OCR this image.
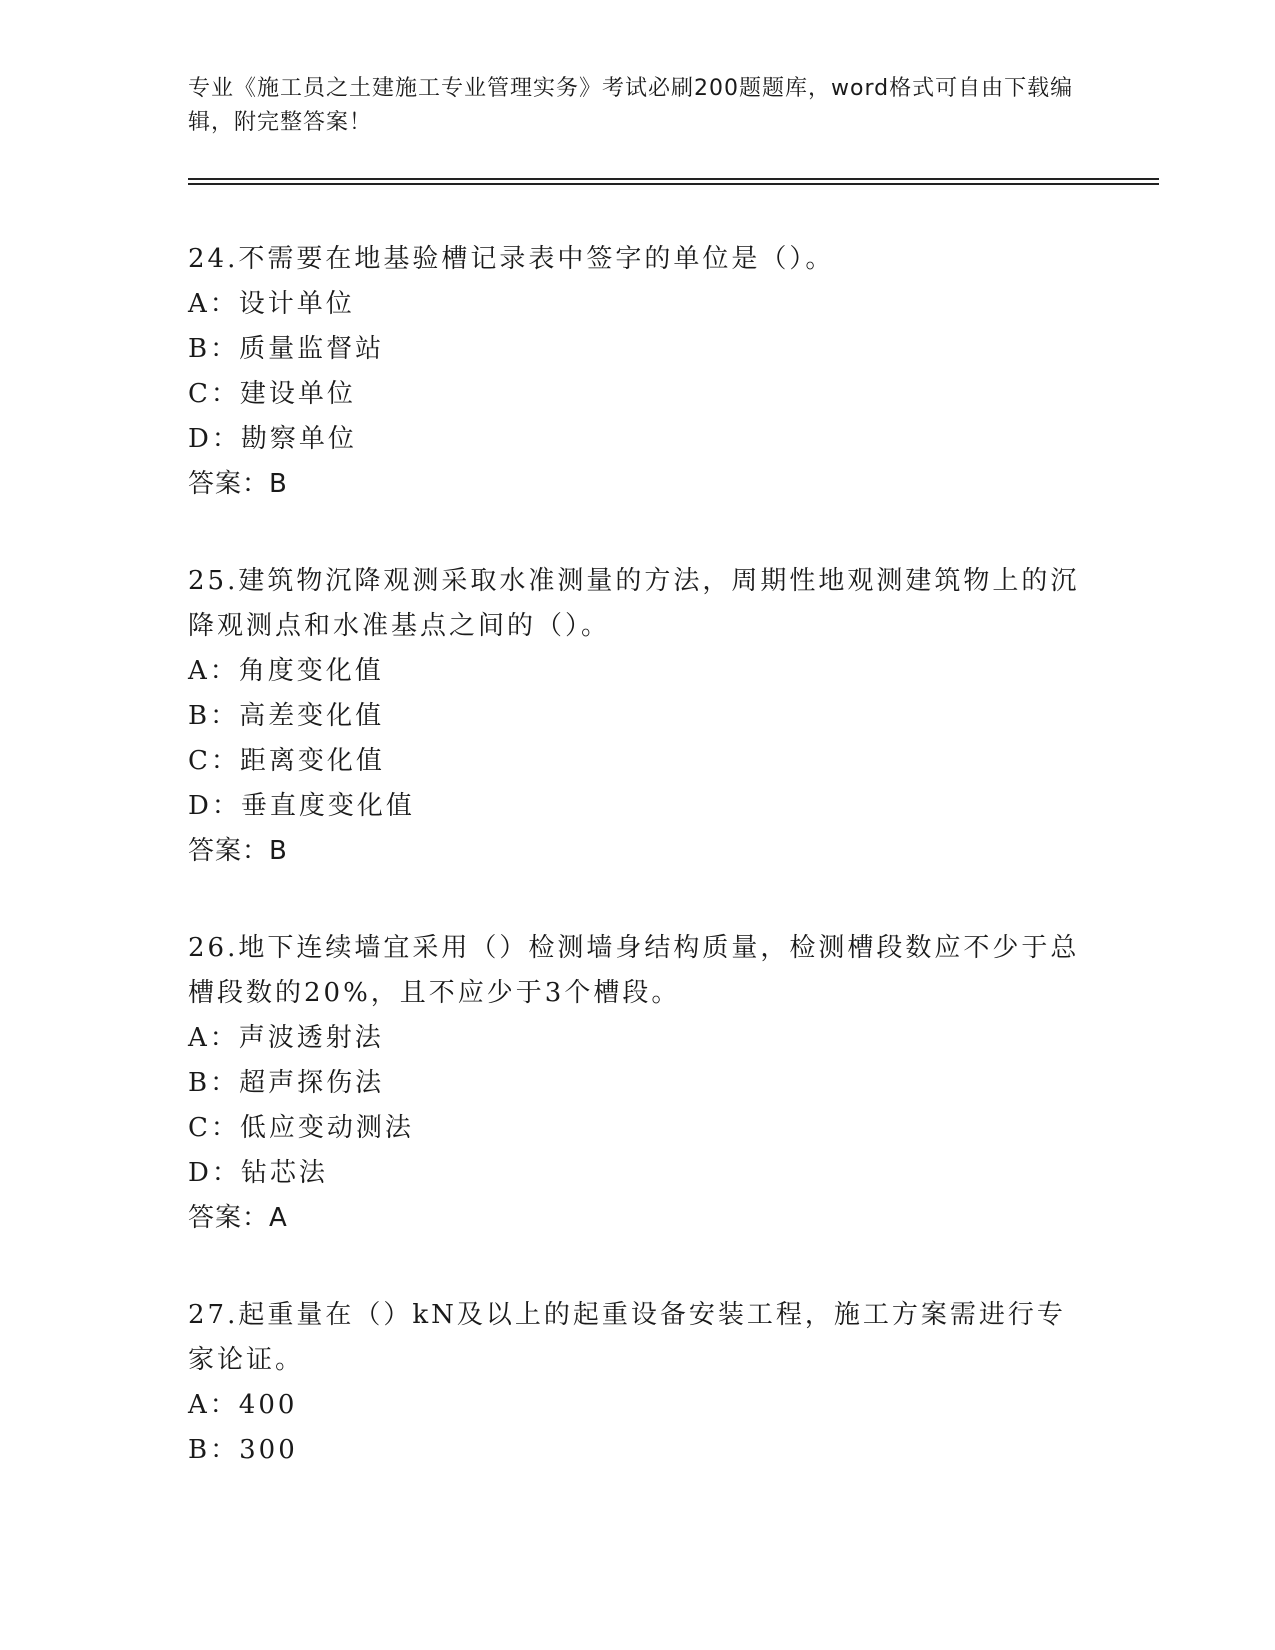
专业《施工员之土建施工专业管理实务》考试必刷200题题库，word格式可自由下载编辑，附完整答案！
24.不需要在地基验槽记录表中签字的单位是（）。
A：设计单位
B：质量监督站
C：建设单位
D：勘察单位
答案：B
25.建筑物沉降观测采取水准测量的方法，周期性地观测建筑物上的沉降观测点和水准基点之间的（）。
A：角度变化值
B：高差变化值
C：距离变化值
D：垂直度变化值
答案：B
26.地下连续墙宜采用（）检测墙身结构质量，检测槽段数应不少于总槽段数的20%，且不应少于3个槽段。
A：声波透射法
B：超声探伤法
C：低应变动测法
D：钻芯法
答案：A
27.起重量在（）kN及以上的起重设备安装工程，施工方案需进行专家论证。
A：400
B：300
